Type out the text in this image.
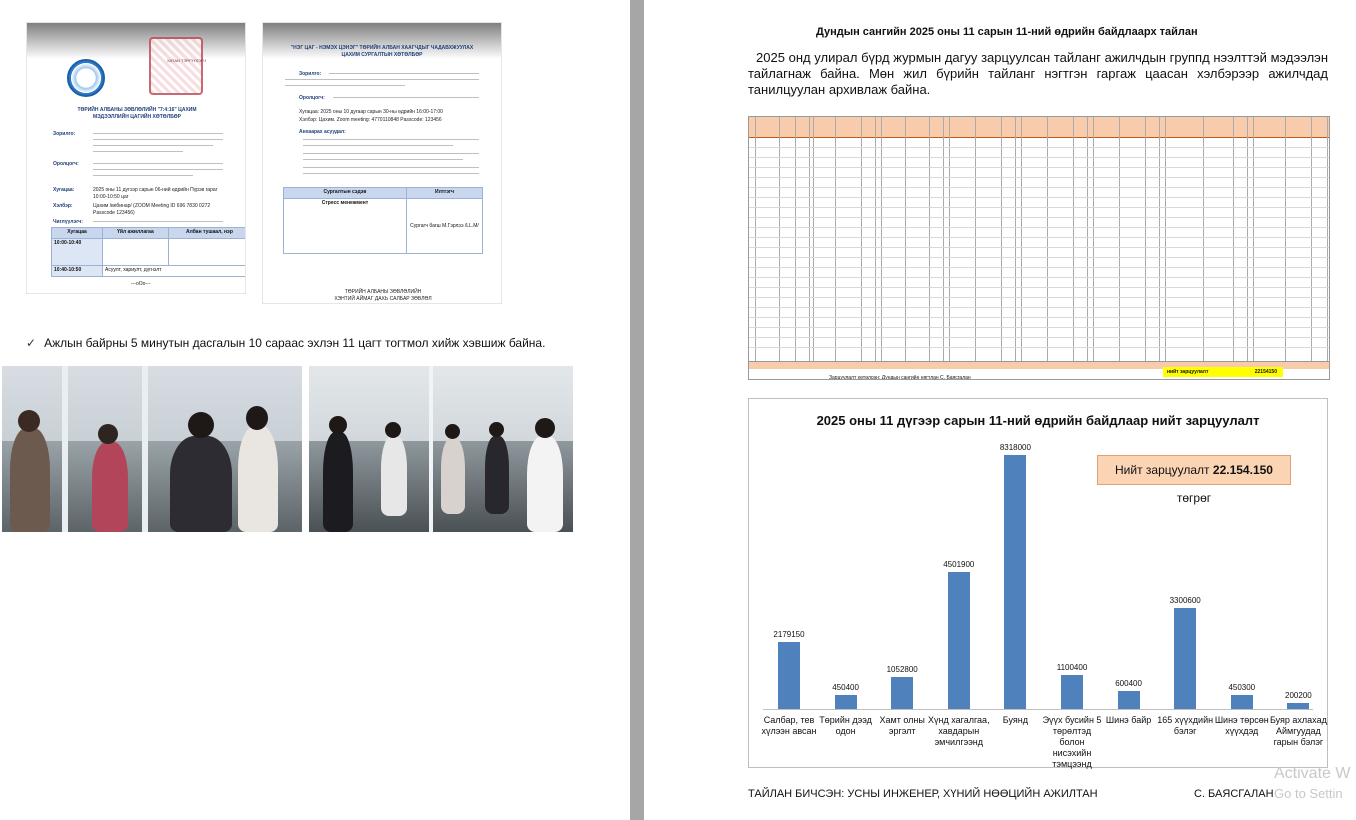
ХАТАН ТЭРГҮҮЛЭГЧ
ТӨРИЙН АЛБАНЫ ЗӨВЛӨЛИЙН "7:4:16" ЦАХИМ
МЭДЭЭЛЛИЙН ЦАГИЙН ХӨТӨЛБӨР
Зорилго:
Оролцогч:
Хугацаа:	2025 оны 11 дүгээр сарын 06-ний өдрийн Пүрэв гараг 10:00-10:50 цаг
Хэлбэр:	Цахим /вебинар/ (ZOOM Meeting ID 696 7830 0272 Passcode 123456)
Чиглүүлэгч:
Хугацаа	Үйл ажиллагаа	Албан тушаал, нэр
10:00-10:40		
10:40-10:50	Асуулт, хариулт, дүгнэлт	
---oOo---
"НЭГ ЦАГ - НЭМЭХ ЦЭНЭГ" ТӨРИЙН АЛБАН ХААГЧДЫГ ЧАДАВХЖУУЛАХ
ЦАХИМ СУРГАЛТЫН ХӨТӨЛБӨР
Зорилго:
Оролцогч:
Хугацаа: 2025 оны 10 дугаар сарын 30-ны өдрийн 16:00-17:00
Хэлбэр: Цахим. Zoom meeting: 4770110848 Passcode: 123456
Анхаарах асуудал:
Сургалтын сэдэв	Илтгэгч
Стресс менежмент	Сургагч багш М.Гэрлээ /LL.M/
ТӨРИЙН АЛБАНЫ ЗӨВЛӨЛИЙН
ХЭНТИЙ АЙМАГ ДАХЬ САЛБАР ЗӨВЛӨЛ
✓ Ажлын байрны 5 минутын дасгалын 10 сараас эхлэн 11 цагт тогтмол хийж хэвшиж байна.
Дундын сангийн 2025 оны 11 сарын 11-ний өдрийн байдлаарх тайлан
2025 онд улирал бүрд журмын дагуу зарцуулсан тайланг ажилчдын группд нээлттэй мэдээлэн тайлагнаж байна. Мөн жил бүрийн тайланг нэгтгэн гаргаж цаасан хэлбэрээр ажилчдад танилцуулан архивлаж байна.
нийт зарцуулалт	22154150
Зарцуулалт хөтөлсөн: Дундын сангийн нягтлан С. Баясгалан
2025 оны 11 дүгээр сарын 11-ний өдрийн байдлаар нийт зарцуулалт
Нийт зарцуулалт 22.154.150 төгрөг
2179150
Салбар, тев хүлээн авсан
450400
Төрийн дээд одон
1052800
Хамт олны эргэлт
4501900
Хүнд хагалгаа, хавдарын эмчилгээнд
8318000
Буянд
1100400
Эүүх бусийн 5 төрөлтэд болон нисэхийн тэмцээнд
600400
Шинэ байр
3300600
165 хүүхдийн бэлэг
450300
Шинэ төрсөн хүүхдэд
200200
Буяр ахлахад Аймгуудад гарын бэлэг
ТАЙЛАН БИЧСЭН: УСНЫ ИНЖЕНЕР, ХҮНИЙ НӨӨЦИЙН АЖИЛТАН	С. БАЯСГАЛАН
Activate W
Go to Settin
